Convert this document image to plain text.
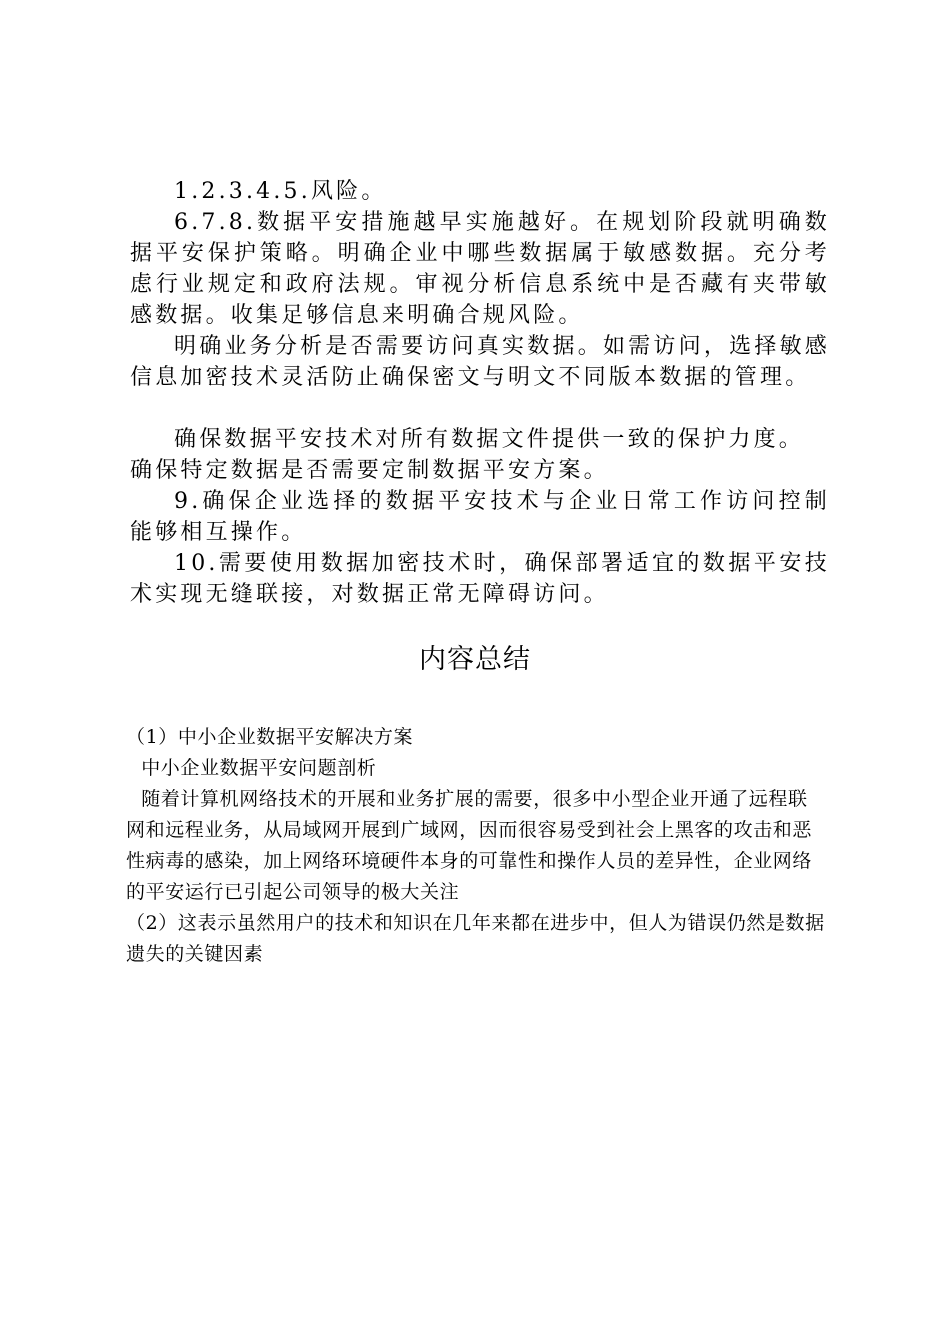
1.2.3.4.5.风险。

6.7.8.数据平安措施越早实施越好。在规划阶段就明确数据平安保护策略。明确企业中哪些数据属于敏感数据。充分考虑行业规定和政府法规。审视分析信息系统中是否藏有夹带敏感数据。收集足够信息来明确合规风险。

明确业务分析是否需要访问真实数据。如需访问，选择敏感信息加密技术灵活防止确保密文与明文不同版本数据的管理。

确保数据平安技术对所有数据文件提供一致的保护力度。

确保特定数据是否需要定制数据平安方案。

9.确保企业选择的数据平安技术与企业日常工作访问控制能够相互操作。

10.需要使用数据加密技术时，确保部署适宜的数据平安技术实现无缝联接，对数据正常无障碍访问。

内容总结

（1）中小企业数据平安解决方案

中小企业数据平安问题剖析

随着计算机网络技术的开展和业务扩展的需要，很多中小型企业开通了远程联网和远程业务，从局域网开展到广域网，因而很容易受到社会上黑客的攻击和恶性病毒的感染，加上网络环境硬件本身的可靠性和操作人员的差异性，企业网络的平安运行已引起公司领导的极大关注

（2）这表示虽然用户的技术和知识在几年来都在进步中，但人为错误仍然是数据遗失的关键因素
